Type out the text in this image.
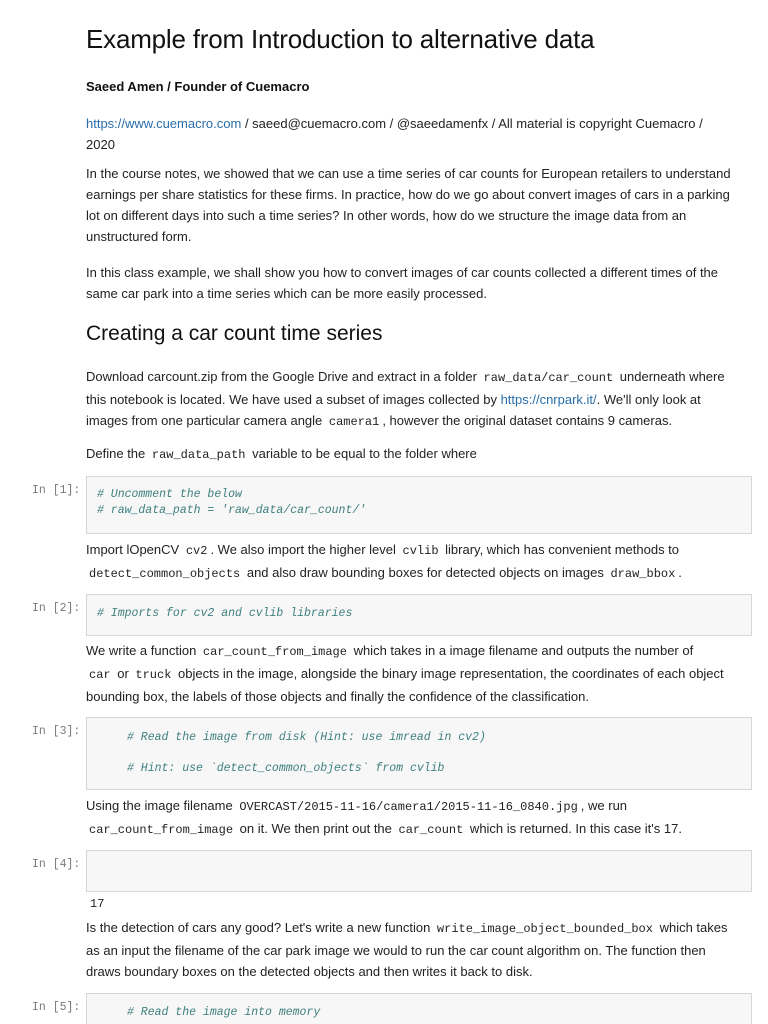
Example from Introduction to alternative data
Saeed Amen / Founder of Cuemacro

https://www.cuemacro.com / saeed@cuemacro.com / @saeedamenfx / All material is copyright Cuemacro /

2020

In the course notes, we showed that we can use a time series of car counts for European retailers to understand

earnings per share statistics for these firms. In practice, how do we go about convert images of cars in a parking

lot on different days into such a time series? In other words, how do we structure the image data from an

unstructured form.

In this class example, we shall show you how to convert images of car counts collected a different times of the

same car park into a time series which can be more easily processed.

Creating a car count time series

Download carcount.zip from the Google Drive and extract in a folder raw_data/car_count underneath where

this notebook is located. We have used a subset of images collected by https://cnrpark.it/. We'll only look at

images from one particular camera angle camera1 , however the original dataset contains 9 cameras.

Define the raw_data_path variable to be equal to the folder where

In [1]: # Uncomment the below
# raw_data_path = 'raw_data/car_count/'

Import lOpenCV cv2 . We also import the higher level cvlib library, which has convenient methods to

detect_common_objects and also draw bounding boxes for detected objects on images draw_bbox .

In [2]: # Imports for cv2 and cvlib libraries

We write a function car_count_from_image which takes in a image filename and outputs the number of

car or truck objects in the image, alongside the binary image representation, the coordinates of each object

bounding box, the labels of those objects and finally the confidence of the classification.

In [3]:	# Read the image from disk (Hint: use imread in cv2)
# Hint: use `detect_common_objects` from cvlib

Using the image filename OVERCAST/2015-11-16/camera1/2015-11-16_0840.jpg , we run

car_count_from_image on it. We then print out the car_count which is returned. In this case it's 17.

In [4]:
17

Is the detection of cars any good? Let's write a new function write_image_object_bounded_box which takes

as an input the filename of the car park image we would to run the car count algorithm on. The function then

draws boundary boxes on the detected objects and then writes it back to disk.

In [5]:	# Read the image into memory
